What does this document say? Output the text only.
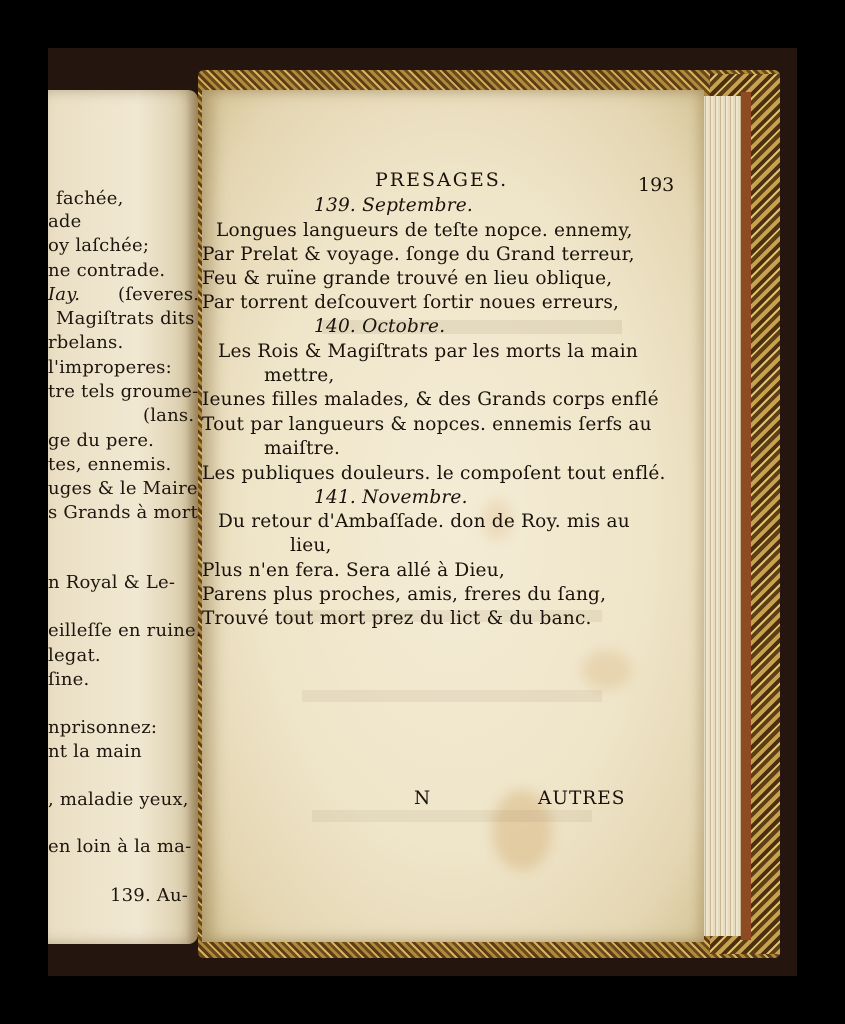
fachée,
ade
oy laſchée;
ne contrade.
Iay. (ſeveres.
Magiſtrats dits
rbelans.
l'improperes:
tre tels groume-
(lans.
ge du pere.
tes, ennemis.
uges & le Maire
s Grands à mort
n Royal & Le-
eilleſſe en ruine.
legat.
ſine.
nprisonnez:
nt la main
, maladie yeux,
en loin à la ma-
139. Au-
PRESAGES.	193
139. Septembre.
Longues langueurs de teſte nopce. ennemy,
Par Prelat & voyage. ſonge du Grand terreur,
Feu & ruïne grande trouvé en lieu oblique,
Par torrent deſcouvert ſortir noues erreurs,
140. Octobre.
Les Rois & Magiſtrats par les morts la main
mettre,
Ieunes filles malades, & des Grands corps enflé
Tout par langueurs & nopces. ennemis ſerfs au
maiſtre.
Les publiques douleurs. le compoſent tout enflé.
141. Novembre.
Du retour d'Ambaſſade. don de Roy. mis au
lieu,
Plus n'en fera. Sera allé à Dieu,
Parens plus proches, amis, freres du ſang,
Trouvé tout mort prez du lict & du banc.
N	AUTRES
